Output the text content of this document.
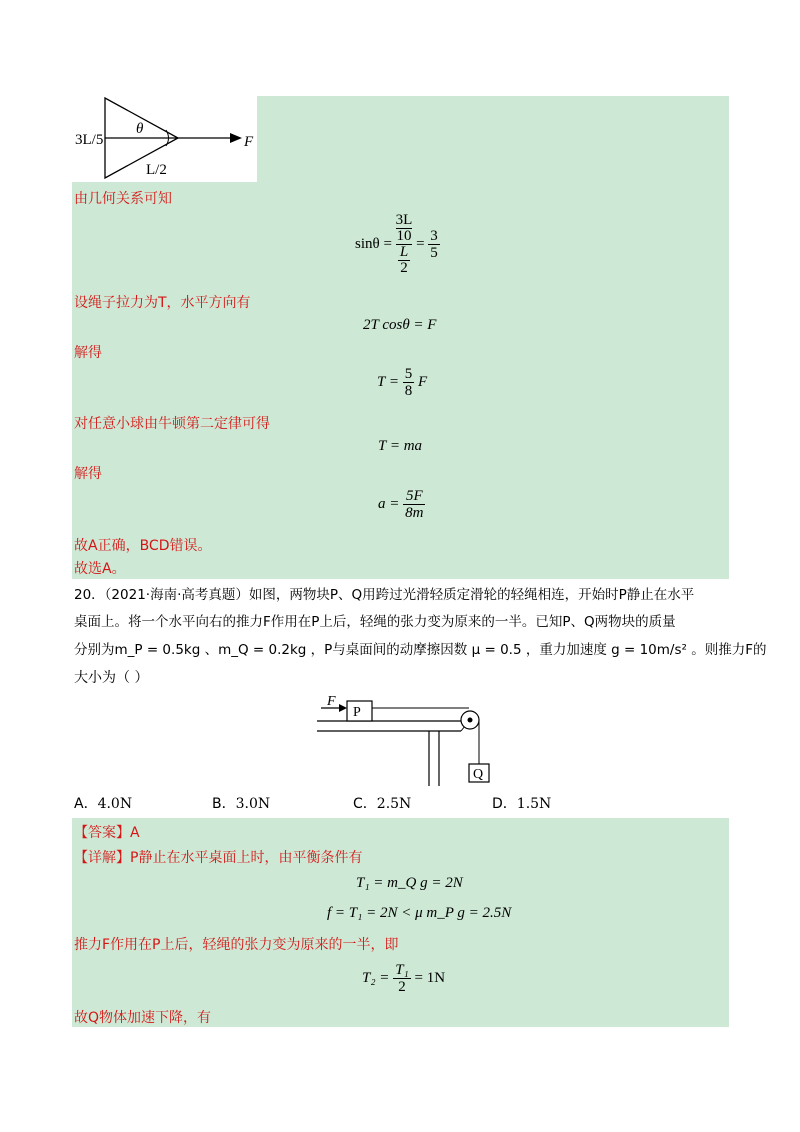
3L/5
θ
L/2
F
由几何关系可知
sinθ = 3L
10
L
$2 = \frac{3}{5}$
设绳子拉力为T，水平方向有
2T cosθ = F
解得
$T = \frac{5}{8}$ F
对任意小球由牛顿第二定律可得
T = ma
解得
$a = \frac{5F}{8m}$
故A正确，BCD错误。
故选A。
20．（2021·海南·高考真题）如图，两物块P、Q用跨过光滑轻质定滑轮的轻绳相连，开始时P静止在水平
桌面上。将一个水平向右的推力F作用在P上后，轻绳的张力变为原来的一半。已知P、Q两物块的质量
分别为m_P = 0.5kg 、m_Q = 0.2kg ，P与桌面间的动摩擦因数 μ = 0.5 ，重力加速度 g = 10m/s² 。则推力F的
大小为（ ）
P
Q
F
A．4.0N	B．3.0N	C．2.5N	D．1.5N
【答案】A
【详解】P静止在水平桌面上时，由平衡条件有
T₁ = m_Q g = 2N
f = T₁ = 2N < μ m_P g = 2.5N
推力F作用在P上后，轻绳的张力变为原来的一半，即
$T_2 = \frac{\text{T₁}}{2} = 1N$
故Q物体加速下降，有
